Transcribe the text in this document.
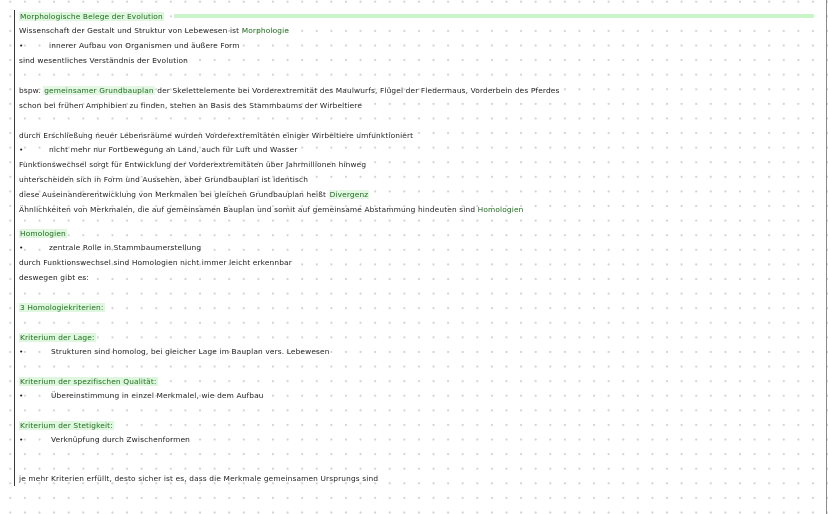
Morphologische Belege der Evolution
Wissenschaft der Gestalt und Struktur von Lebewesen ist Morphologie
•	innerer Aufbau von Organismen und äußere Form
sind wesentliches Verständnis der Evolution
bspw. gemeinsamer Grundbauplan der Skelettelemente bei Vorderextremität des Maulwurfs, Flügel der Fledermaus, Vorderbein des Pferdes
schon bei frühen Amphibien zu finden, stehen an Basis des Stammbaums der Wirbeltiere
durch Erschließung neuer Lebensräume wurden Vorderextremitäten einiger Wirbeltiere umfunktioniert
•	nicht mehr nur Fortbewegung an Land, auch für Luft und Wasser
Funktionswechsel sorgt für Entwicklung der Vorderextremitäten über Jahrmillionen hinweg
unterscheiden sich in Form und Aussehen, aber Grundbauplan ist identisch
diese Auseinanderentwicklung von Merkmalen bei gleichen Grundbauplan heißt Divergenz
Ähnlichkeiten von Merkmalen, die auf gemeinsamen Bauplan und somit auf gemeinsame Abstammung hindeuten sind Homologien
Homologien
•	zentrale Rolle in Stammbaumerstellung
durch Funktionswechsel sind Homologien nicht immer leicht erkennbar
deswegen gibt es:
3 Homologiekriterien:
Kriterium der Lage:
•	Strukturen sind homolog, bei gleicher Lage im Bauplan vers. Lebewesen
Kriterium der spezifischen Qualität:
•	Übereinstimmung in einzel Merkmalel, wie dem Aufbau
Kriterium der Stetigkeit:
•	Verknüpfung durch Zwischenformen
je mehr Kriterien erfüllt, desto sicher ist es, dass die Merkmale gemeinsamen Ursprungs sind
